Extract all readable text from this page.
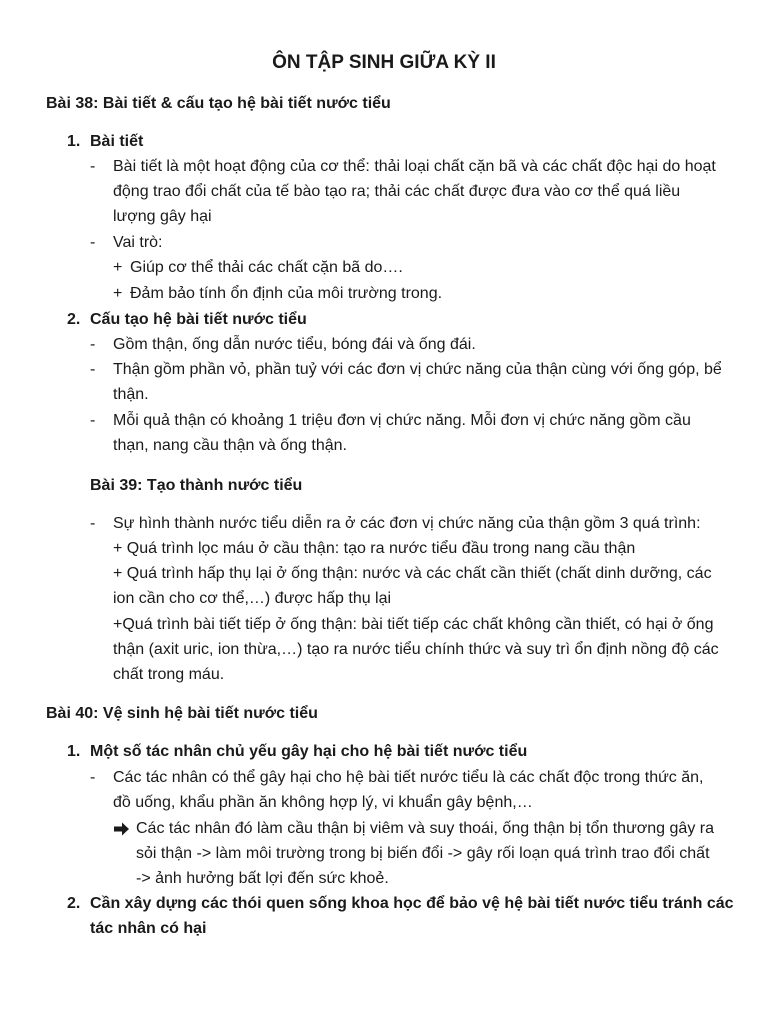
ÔN TẬP SINH GIỮA KỲ II
Bài 38: Bài tiết & cấu tạo hệ bài tiết nước tiểu
1. Bài tiết
- Bài tiết là một hoạt động của cơ thể: thải loại chất cặn bã và các chất độc hại do hoạt
động trao đổi chất của tế bào tạo ra; thải các chất được đưa vào cơ thể quá liều
lượng gây hại
- Vai trò:
+ Giúp cơ thể thải các chất cặn bã do….
+ Đảm bảo tính ổn định của môi trường trong.
2. Cấu tạo hệ bài tiết nước tiểu
- Gồm thận, ống dẫn nước tiểu, bóng đái và ống đái.
- Thận gồm phần vỏ, phần tuỷ với các đơn vị chức năng của thận cùng với ống góp, bể
thận.
- Mỗi quả thận có khoảng 1 triệu đơn vị chức năng. Mỗi đơn vị chức năng gồm cầu
thạn, nang cầu thận và ống thận.
Bài 39: Tạo thành nước tiểu
- Sự hình thành nước tiểu diễn ra ở các đơn vị chức năng của thận gồm 3 quá trình:
+ Quá trình lọc máu ở cầu thận: tạo ra nước tiểu đầu trong nang cầu thận
+ Quá trình hấp thụ lại ở ống thận: nước và các chất cần thiết (chất dinh dưỡng, các
ion cần cho cơ thể,…) được hấp thụ lại
+Quá trình bài tiết tiếp ở ống thận: bài tiết tiếp các chất không cần thiết, có hại ở ống
thận (axit uric, ion thừa,…) tạo ra nước tiểu chính thức và suy trì ổn định nồng độ các
chất trong máu.
Bài 40: Vệ sinh hệ bài tiết nước tiểu
1. Một số tác nhân chủ yếu gây hại cho hệ bài tiết nước tiểu
- Các tác nhân có thể gây hại cho hệ bài tiết nước tiểu là các chất độc trong thức ăn,
đồ uống, khẩu phần ăn không hợp lý, vi khuẩn gây bệnh,…
Các tác nhân đó làm cầu thận bị viêm và suy thoái, ống thận bị tổn thương gây ra
sỏi thận -> làm môi trường trong bị biến đổi -> gây rối loạn quá trình trao đổi chất
-> ảnh hưởng bất lợi đến sức khoẻ.
2. Cần xây dựng các thói quen sống khoa học để bảo vệ hệ bài tiết nước tiểu tránh các
tác nhân có hại
